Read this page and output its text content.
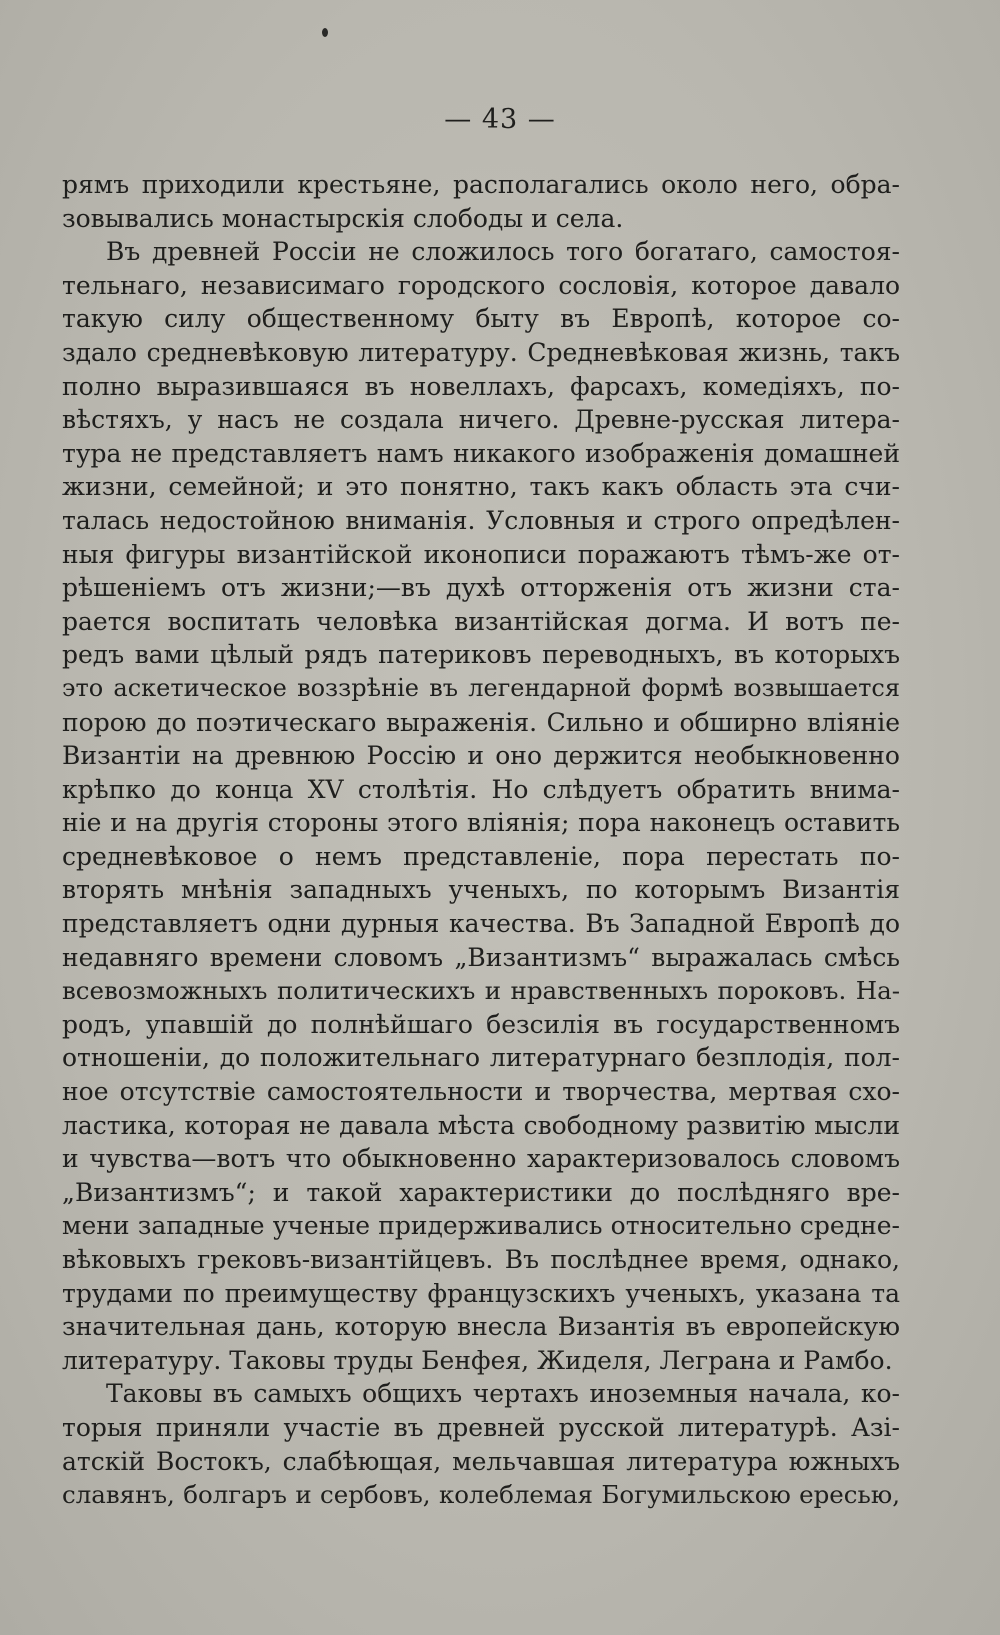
— 43 —
рямъ приходили крестьяне, располагались около него, обра-
зовывались монастырскія слободы и села.
Въ древней Россіи не сложилось того богатаго, самостоя-
тельнаго, независимаго городского сословія, которое давало
такую силу общественному быту въ Европѣ, которое со-
здало средневѣковую литературу. Средневѣковая жизнь, такъ
полно выразившаяся въ новеллахъ, фарсахъ, комедіяхъ, по-
вѣстяхъ, у насъ не создала ничего. Древне-русская литера-
тура не представляетъ намъ никакого изображенія домашней
жизни, семейной; и это понятно, такъ какъ область эта счи-
талась недостойною вниманія. Условныя и строго опредѣлен-
ныя фигуры византійской иконописи поражаютъ тѣмъ-же от-
рѣшеніемъ отъ жизни;—въ духѣ отторженія отъ жизни ста-
рается воспитать человѣка византійская догма. И вотъ пе-
редъ вами цѣлый рядъ патериковъ переводныхъ, въ которыхъ
это аскетическое воззрѣніе въ легендарной формѣ возвышается
порою до поэтическаго выраженія. Сильно и обширно вліяніе
Византіи на древнюю Россію и оно держится необыкновенно
крѣпко до конца XV столѣтія. Но слѣдуетъ обратить внима-
ніе и на другія стороны этого вліянія; пора наконецъ оставить
средневѣковое о немъ представленіе, пора перестать по-
вторять мнѣнія западныхъ ученыхъ, по которымъ Византія
представляетъ одни дурныя качества. Въ Западной Европѣ до
недавняго времени словомъ „Византизмъ“ выражалась смѣсь
всевозможныхъ политическихъ и нравственныхъ пороковъ. На-
родъ, упавшій до полнѣйшаго безсилія въ государственномъ
отношеніи, до положительнаго литературнаго безплодія, пол-
ное отсутствіе самостоятельности и творчества, мертвая схо-
ластика, которая не давала мѣста свободному развитію мысли
и чувства—вотъ что обыкновенно характеризовалось словомъ
„Византизмъ“; и такой характеристики до послѣдняго вре-
мени западные ученые придерживались относительно средне-
вѣковыхъ грековъ-византійцевъ. Въ послѣднее время, однако,
трудами по преимуществу французскихъ ученыхъ, указана та
значительная дань, которую внесла Византія въ европейскую
литературу. Таковы труды Бенфея, Жиделя, Леграна и Рамбо.
Таковы въ самыхъ общихъ чертахъ иноземныя начала, ко-
торыя приняли участіе въ древней русской литературѣ. Азі-
атскій Востокъ, слабѣющая, мельчавшая литература южныхъ
славянъ, болгаръ и сербовъ, колеблемая Богумильскою ересью,
